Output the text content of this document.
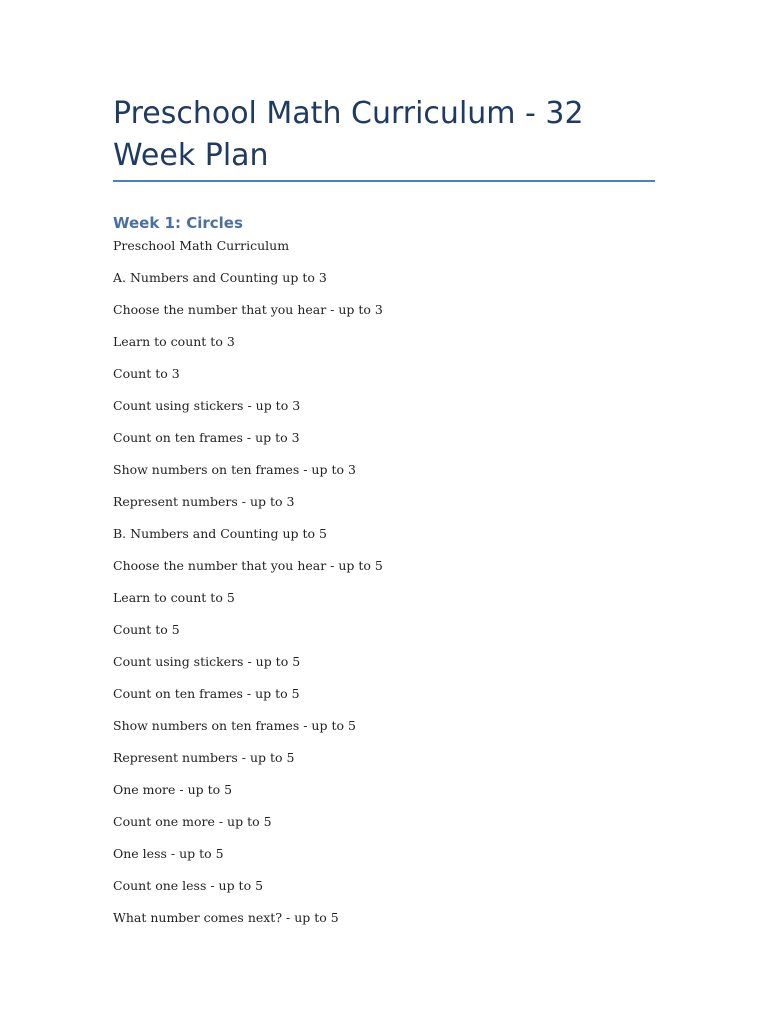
Preschool Math Curriculum - 32 Week Plan
Week 1: Circles

Preschool Math Curriculum

A. Numbers and Counting up to 3

Choose the number that you hear - up to 3

Learn to count to 3

Count to 3

Count using stickers - up to 3

Count on ten frames - up to 3

Show numbers on ten frames - up to 3

Represent numbers - up to 3

B. Numbers and Counting up to 5

Choose the number that you hear - up to 5

Learn to count to 5

Count to 5

Count using stickers - up to 5

Count on ten frames - up to 5

Show numbers on ten frames - up to 5

Represent numbers - up to 5

One more - up to 5

Count one more - up to 5

One less - up to 5

Count one less - up to 5

What number comes next? - up to 5
